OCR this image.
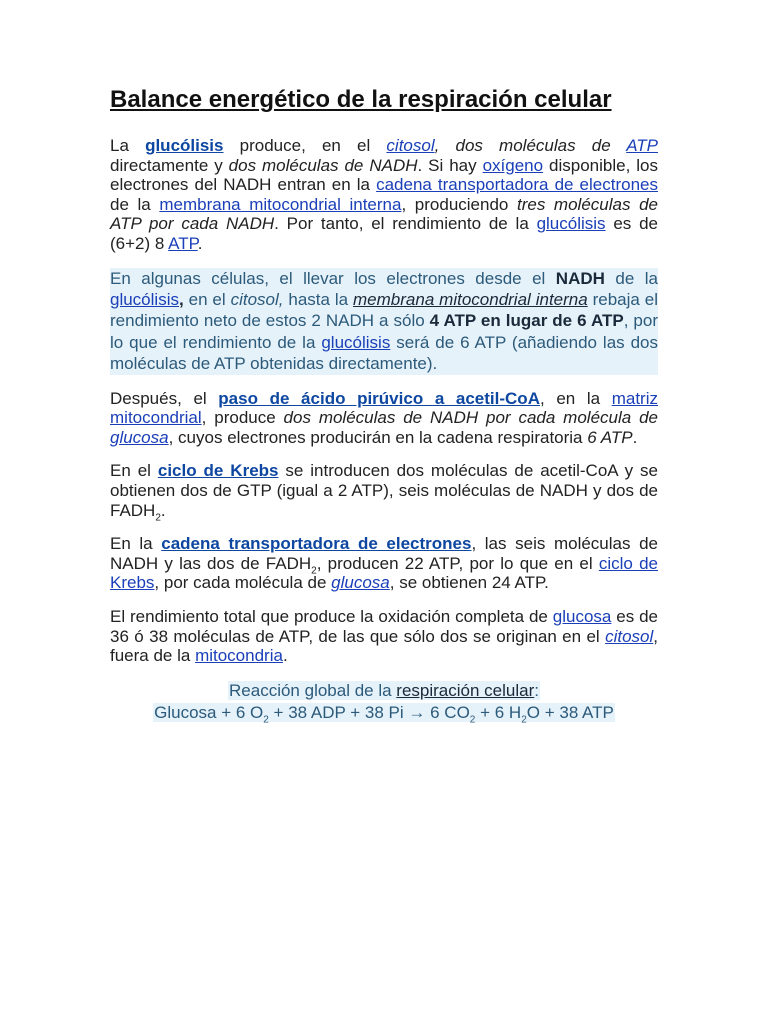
Balance energético de la respiración celular

La glucólisis produce, en el citosol, dos moléculas de ATP directamente y dos moléculas de NADH. Si hay oxígeno disponible, los electrones del NADH entran en la cadena transportadora de electrones de la membrana mitocondrial interna, produciendo tres moléculas de ATP por cada NADH. Por tanto, el rendimiento de la glucólisis es de (6+2) 8 ATP.

En algunas células, el llevar los electrones desde el NADH de la glucólisis, en el citosol, hasta la membrana mitocondrial interna rebaja el rendimiento neto de estos 2 NADH a sólo 4 ATP en lugar de 6 ATP, por lo que el rendimiento de la glucólisis será de 6 ATP (añadiendo las dos moléculas de ATP obtenidas directamente).

Después, el paso de ácido pirúvico a acetil-CoA, en la matriz mitocondrial, produce dos moléculas de NADH por cada molécula de glucosa, cuyos electrones producirán en la cadena respiratoria 6 ATP.

En el ciclo de Krebs se introducen dos moléculas de acetil-CoA y se obtienen dos de GTP (igual a 2 ATP), seis moléculas de NADH y dos de $FADH_2$.

En la cadena transportadora de electrones, las seis moléculas de NADH y las dos de $FADH_2$, producen 22 ATP, por lo que en el ciclo de Krebs, por cada molécula de glucosa, se obtienen 24 ATP.

El rendimiento total que produce la oxidación completa de glucosa es de 36 ó 38 moléculas de ATP, de las que sólo dos se originan en el citosol, fuera de la mitocondria.

Reacción global de la respiración celular:

Glucosa + 6 $O_2 + 38$ ADP + 38 Pi → 6 $CO_2 + 6$ $H_2O + 38$ ATP
